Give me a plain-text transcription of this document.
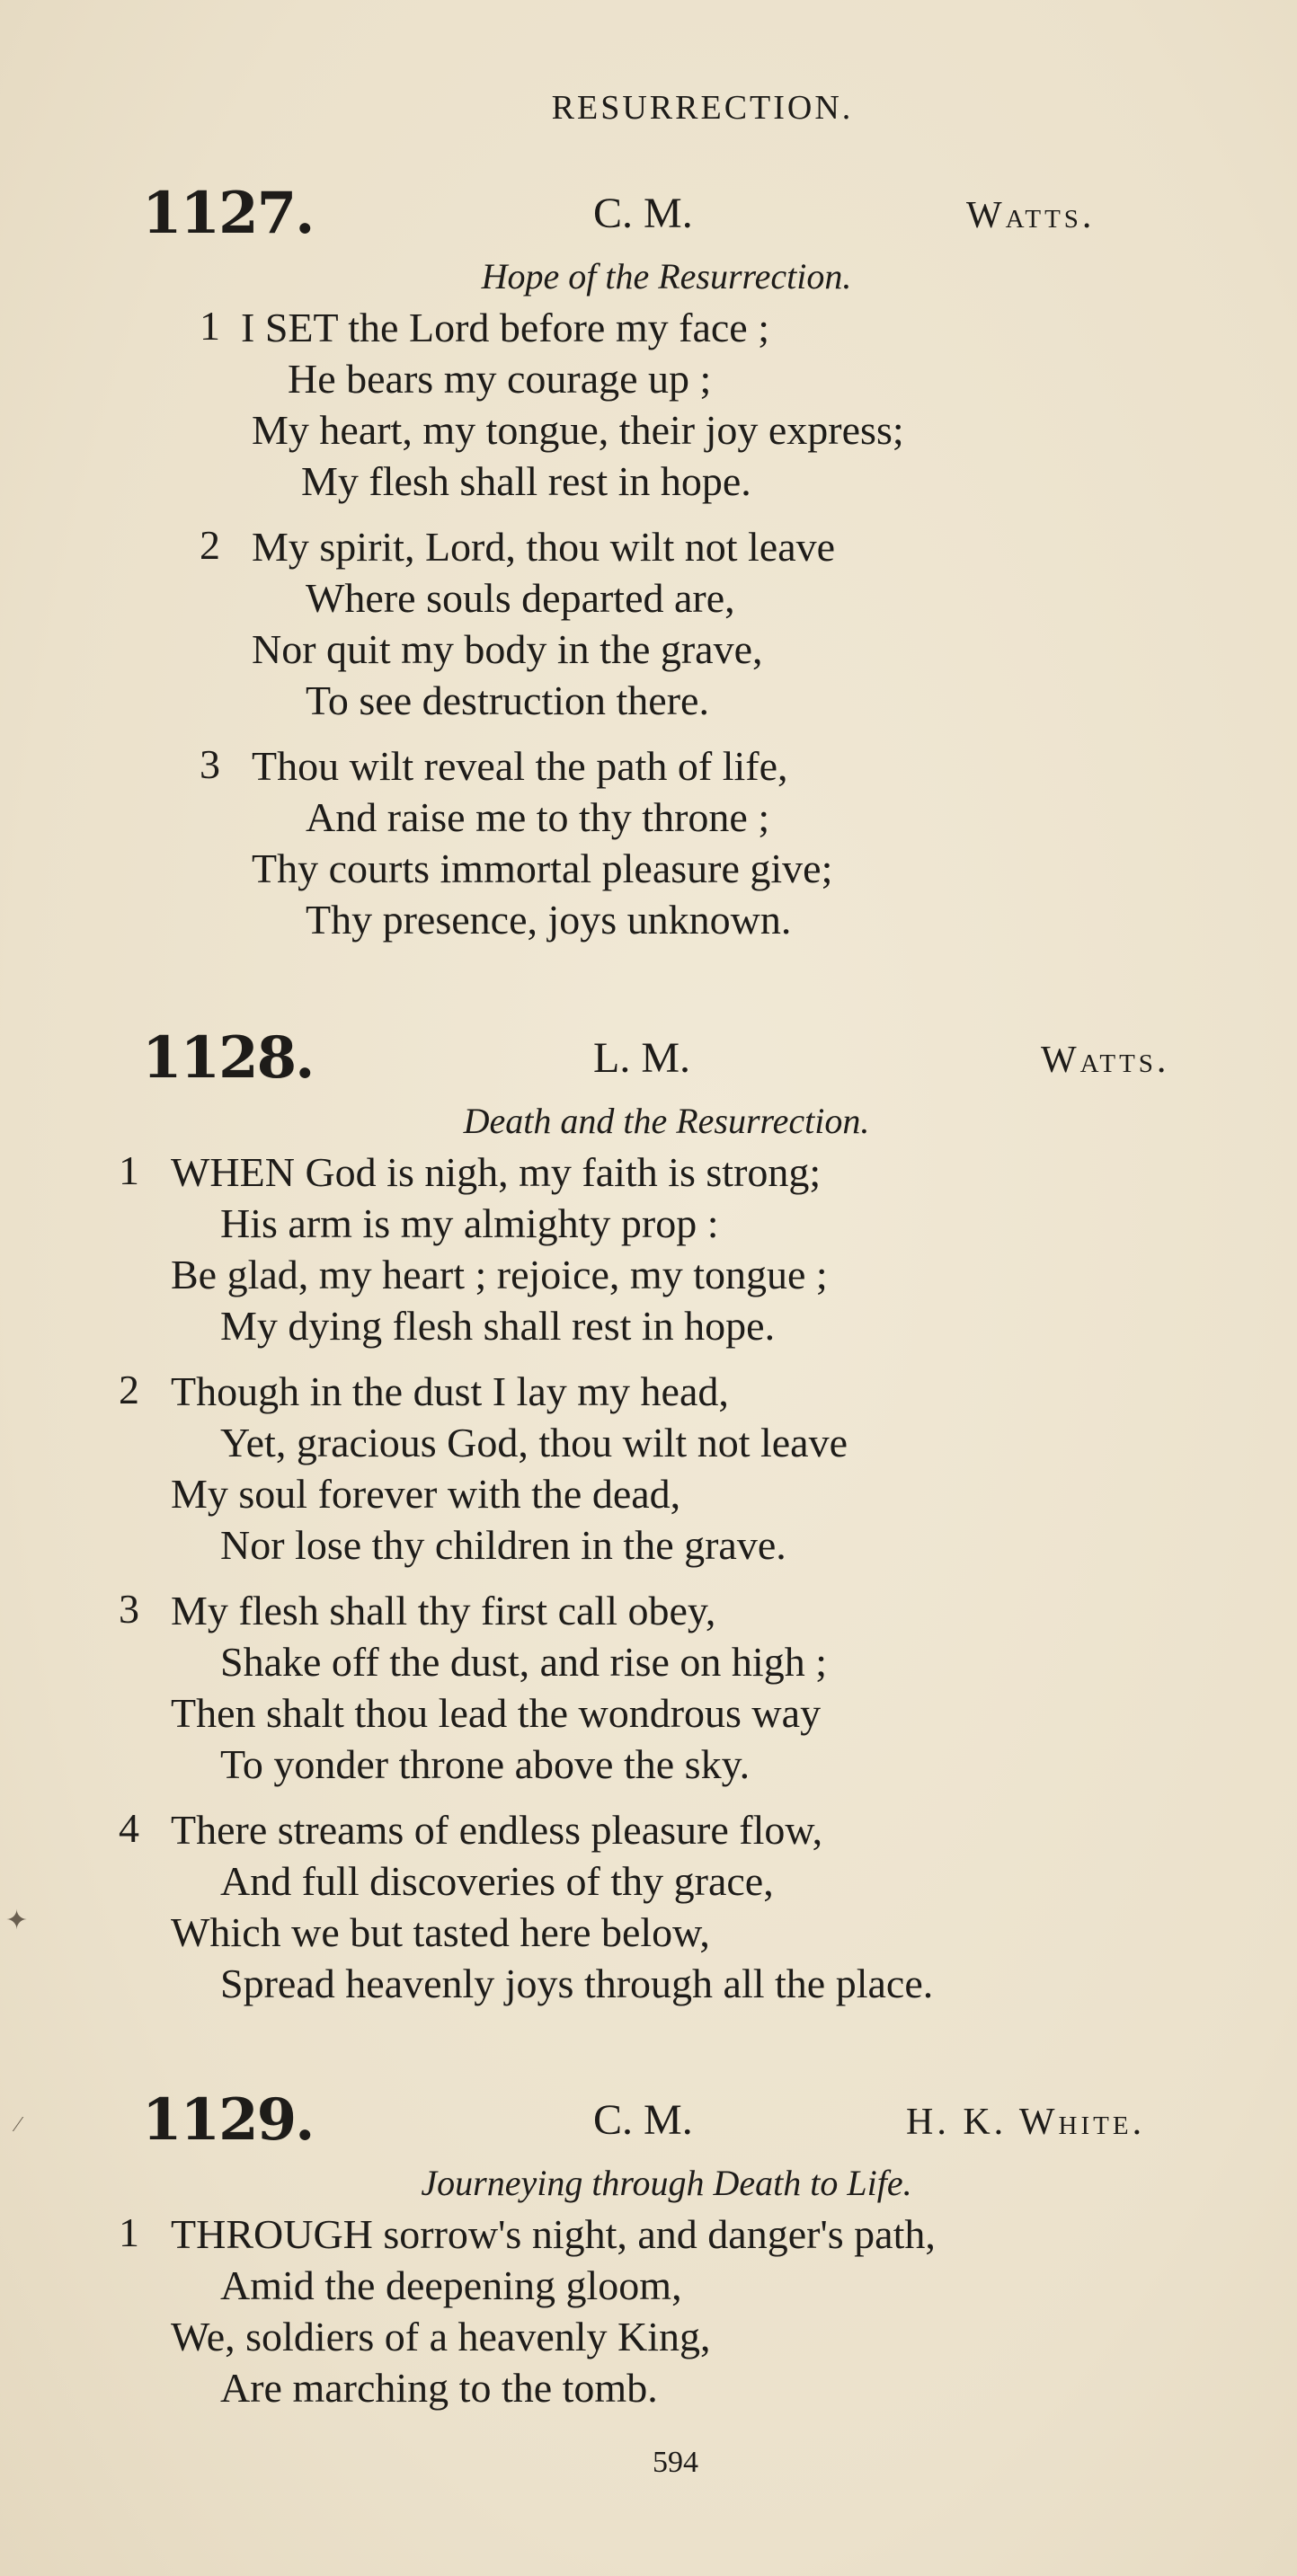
RESURRECTION.
1127.	C. M.	Watts.
Hope of the Resurrection.
1 I SET the Lord before my face ;
He bears my courage up ;
My heart, my tongue, their joy express;
My flesh shall rest in hope.
2 My spirit, Lord, thou wilt not leave
Where souls departed are,
Nor quit my body in the grave,
To see destruction there.
3 Thou wilt reveal the path of life,
And raise me to thy throne ;
Thy courts immortal pleasure give;
Thy presence, joys unknown.
1128.	L. M.	Watts.
Death and the Resurrection.
1 WHEN God is nigh, my faith is strong;
His arm is my almighty prop :
Be glad, my heart ; rejoice, my tongue ;
My dying flesh shall rest in hope.
2 Though in the dust I lay my head,
Yet, gracious God, thou wilt not leave
My soul forever with the dead,
Nor lose thy children in the grave.
3 My flesh shall thy first call obey,
Shake off the dust, and rise on high ;
Then shalt thou lead the wondrous way
To yonder throne above the sky.
4 There streams of endless pleasure flow,
And full discoveries of thy grace,
Which we but tasted here below,
Spread heavenly joys through all the place.
1129.	C. M.	H. K. White.
Journeying through Death to Life.
1 THROUGH sorrow's night, and danger's path,
Amid the deepening gloom,
We, soldiers of a heavenly King,
Are marching to the tomb.
✦
⁄
594
